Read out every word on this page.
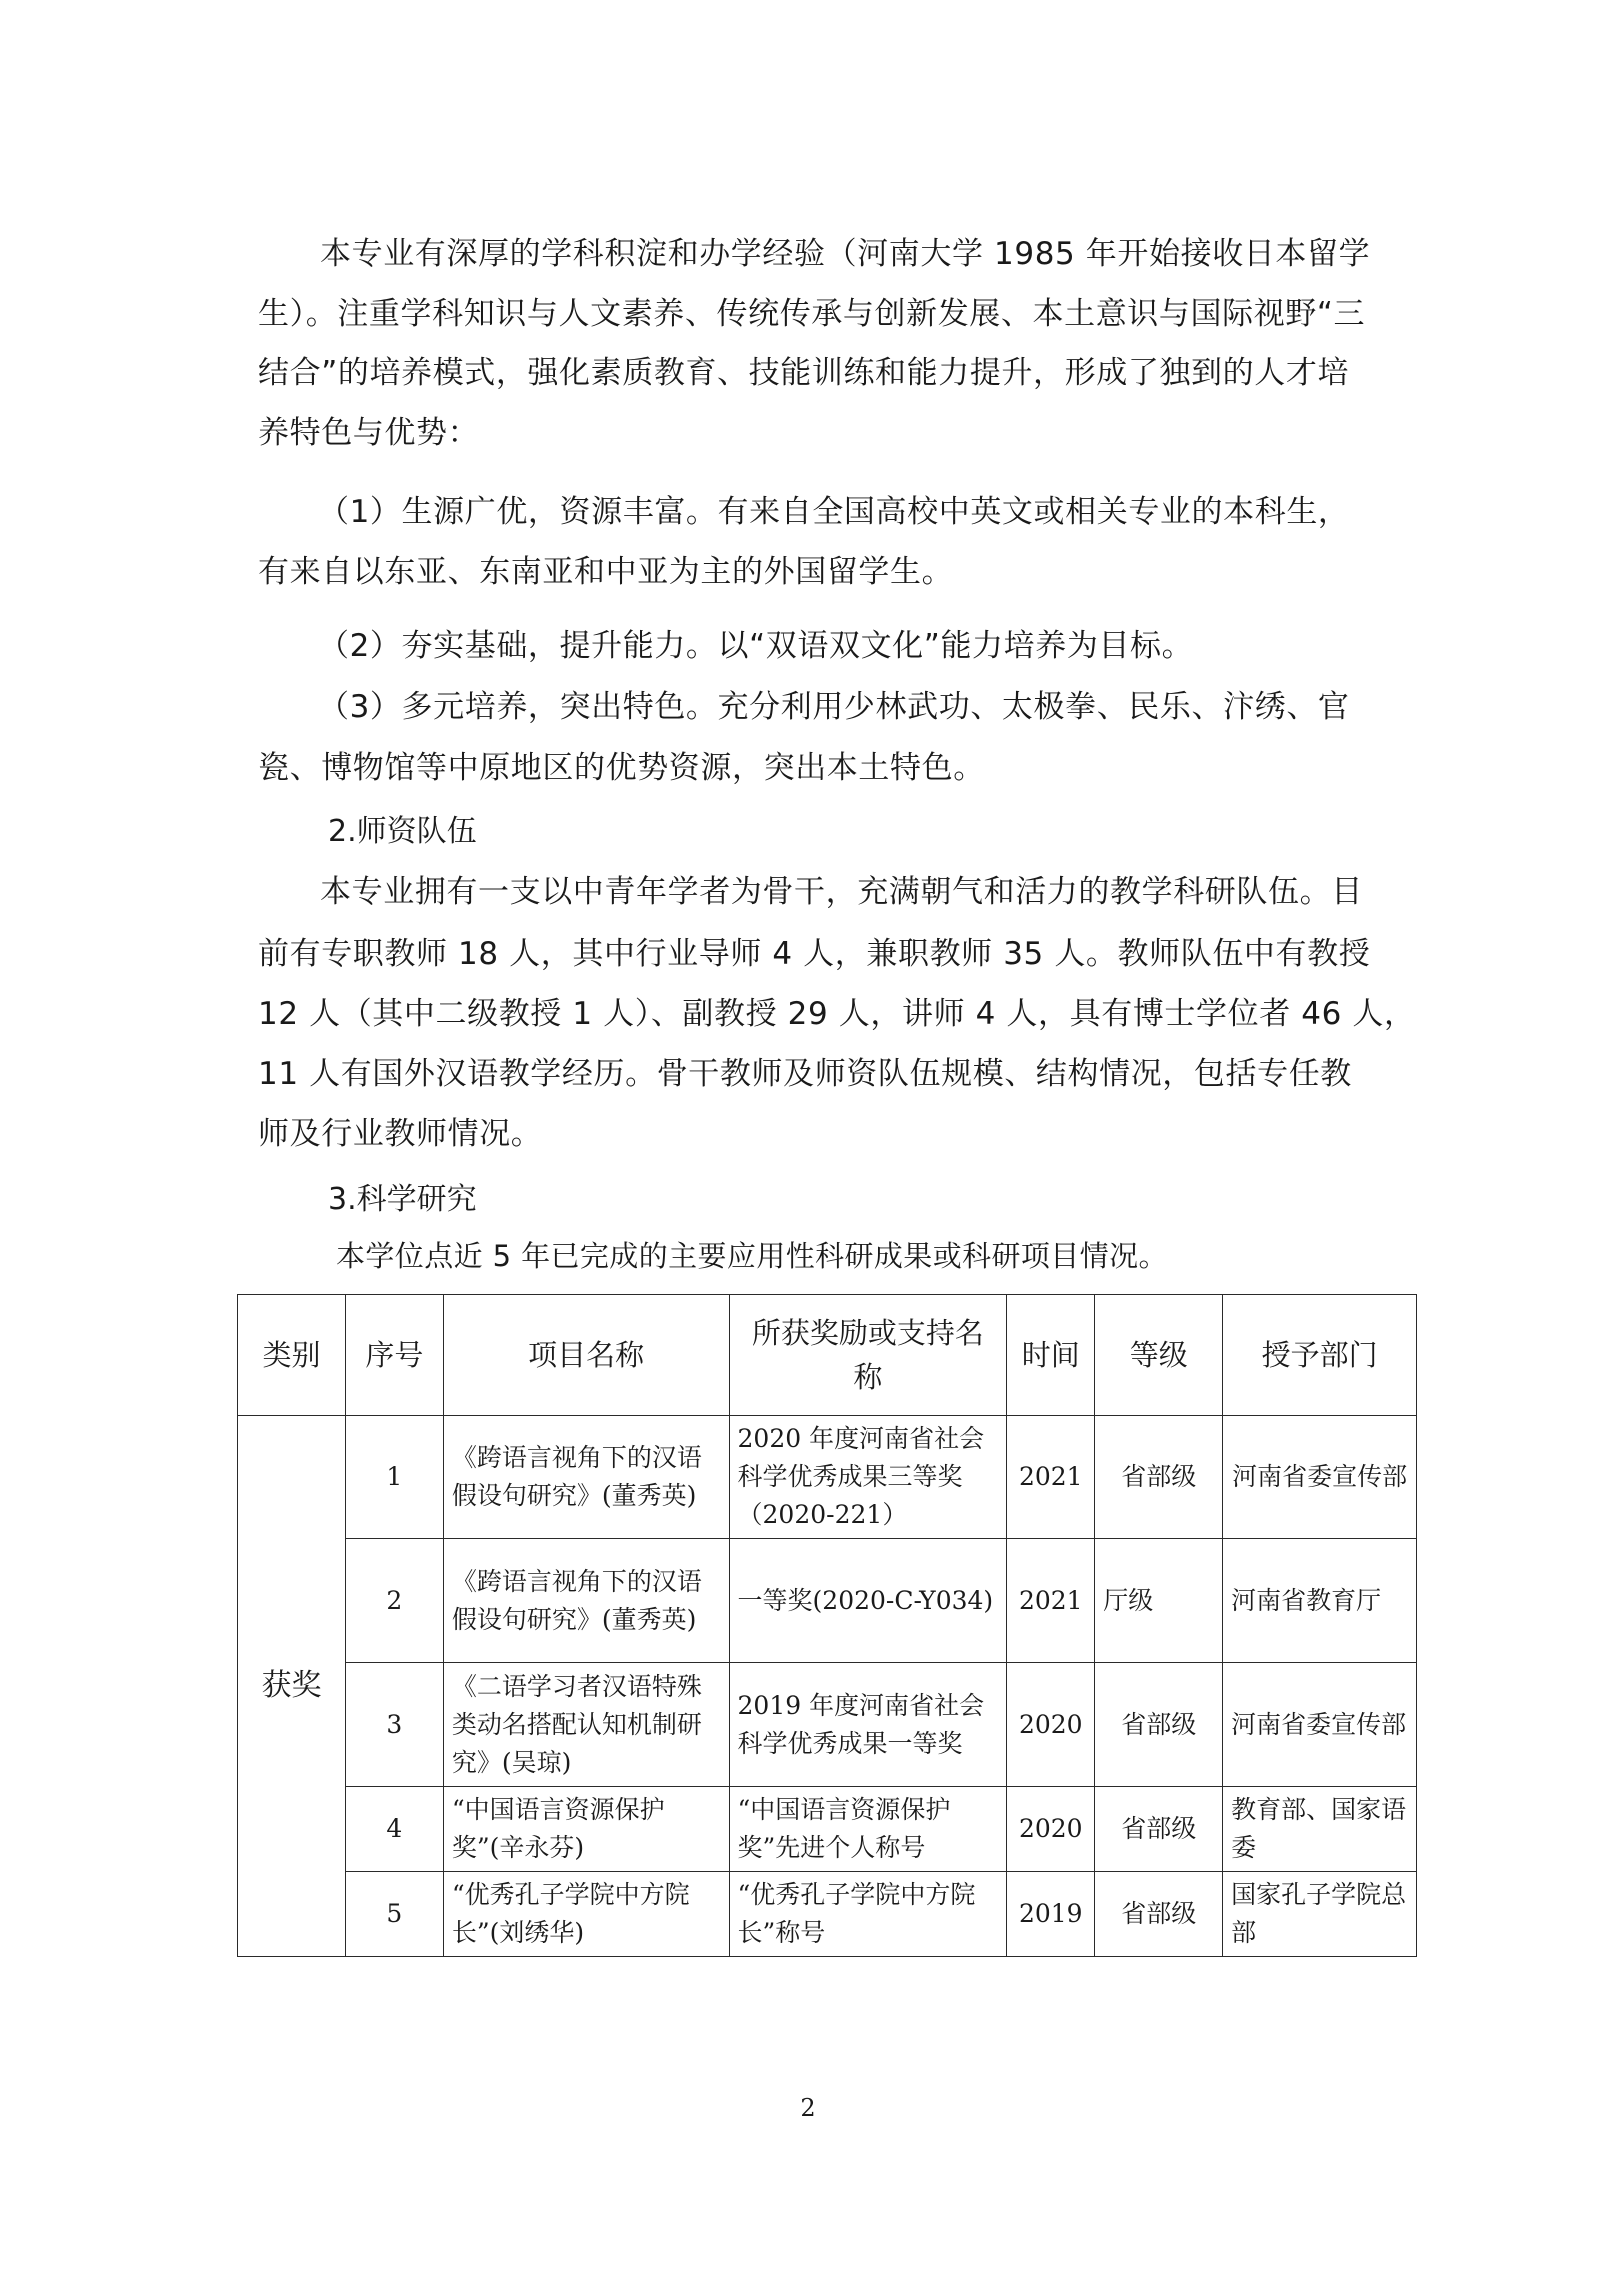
本专业有深厚的学科积淀和办学经验（河南大学 1985 年开始接收日本留学
生）。注重学科知识与人文素养、传统传承与创新发展、本土意识与国际视野“三
结合”的培养模式，强化素质教育、技能训练和能力提升，形成了独到的人才培
养特色与优势：
（1）生源广优，资源丰富。有来自全国高校中英文或相关专业的本科生，
有来自以东亚、东南亚和中亚为主的外国留学生。
（2）夯实基础，提升能力。以“双语双文化”能力培养为目标。
（3）多元培养，突出特色。充分利用少林武功、太极拳、民乐、汴绣、官
瓷、博物馆等中原地区的优势资源，突出本土特色。
2.师资队伍
本专业拥有一支以中青年学者为骨干，充满朝气和活力的教学科研队伍。目
前有专职教师 18 人，其中行业导师 4 人，兼职教师 35 人。教师队伍中有教授
12 人（其中二级教授 1 人）、副教授 29 人，讲师 4 人，具有博士学位者 46 人，
11 人有国外汉语教学经历。骨干教师及师资队伍规模、结构情况，包括专任教
师及行业教师情况。
3.科学研究
本学位点近 5 年已完成的主要应用性科研成果或科研项目情况。
类别	序号	项目名称	所获奖励或支持名称	时间	等级	授予部门
获奖	1	《跨语言视角下的汉语假设句研究》(董秀英)	2020 年度河南省社会科学优秀成果三等奖（2020-221）	2021	省部级	河南省委宣传部
	2	《跨语言视角下的汉语假设句研究》(董秀英)	一等奖(2020-C-Y034)	2021	厅级	河南省教育厅
	3	《二语学习者汉语特殊类动名搭配认知机制研究》(吴琼)	2019 年度河南省社会科学优秀成果一等奖	2020	省部级	河南省委宣传部
	4	“中国语言资源保护奖”(辛永芬)	“中国语言资源保护奖”先进个人称号	2020	省部级	教育部、国家语委
	5	“优秀孔子学院中方院长”(刘绣华)	“优秀孔子学院中方院长”称号	2019	省部级	国家孔子学院总部
2
